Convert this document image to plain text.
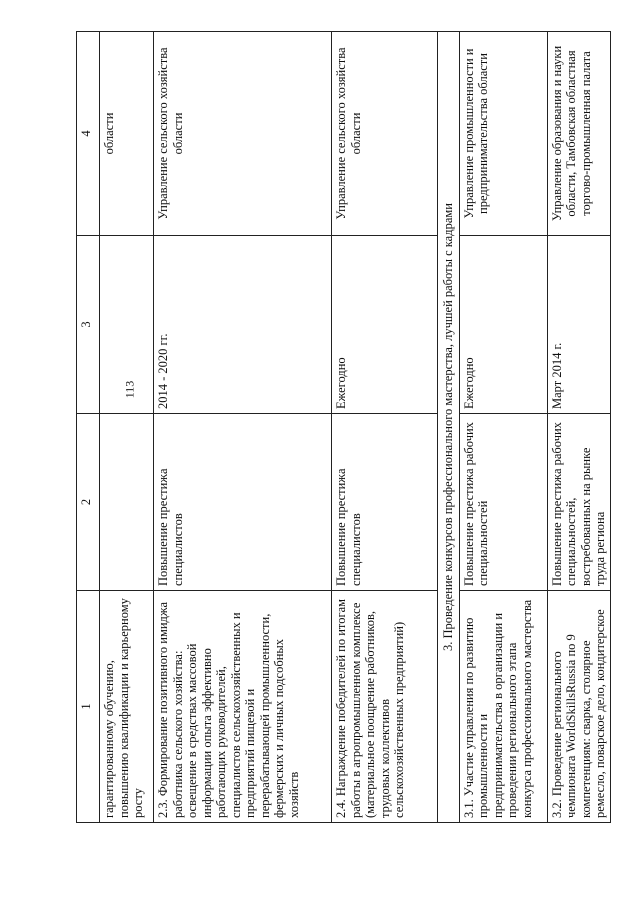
113
1	2	3	4
гарантированному обучению, повышению квалификации и карьерному росту			области
2.3. Формирование позитивного имиджа работника сельского хозяйства: освещение в средствах массовой информации опыта эффективно работающих руководителей, специалистов сельскохозяйственных и предприятий пищевой и перерабатывающей промышленности, фермерских и личных подсобных хозяйств	Повышение престижа специалистов	2014 - 2020 гг.	Управление сельского хозяйства области
2.4. Награждение победителей по итогам работы в агропромышленном комплексе (материальное поощрение работников, трудовых коллективов сельскохозяйственных предприятий)	Повышение престижа специалистов	Ежегодно	Управление сельского хозяйства области
3. Проведение конкурсов профессионального мастерства, лучшей работы с кадрами			
3.1. Участие управления по развитию промышленности и предпринимательства в организации и проведении регионального этапа конкурса профессионального мастерства	Повышение престижа рабочих специальностей	Ежегодно	Управление промышленности и предпринимательства области
3.2. Проведение регионального чемпионата WorldSkillsRussia по 9 компетенциям: сварка, столярное ремесло, поварское дело, кондитерское	Повышение престижа рабочих специальностей, востребованных на рынке труда региона	Март 2014 г.	Управление образования и науки области, Тамбовская областная торгово-промышленная палата
